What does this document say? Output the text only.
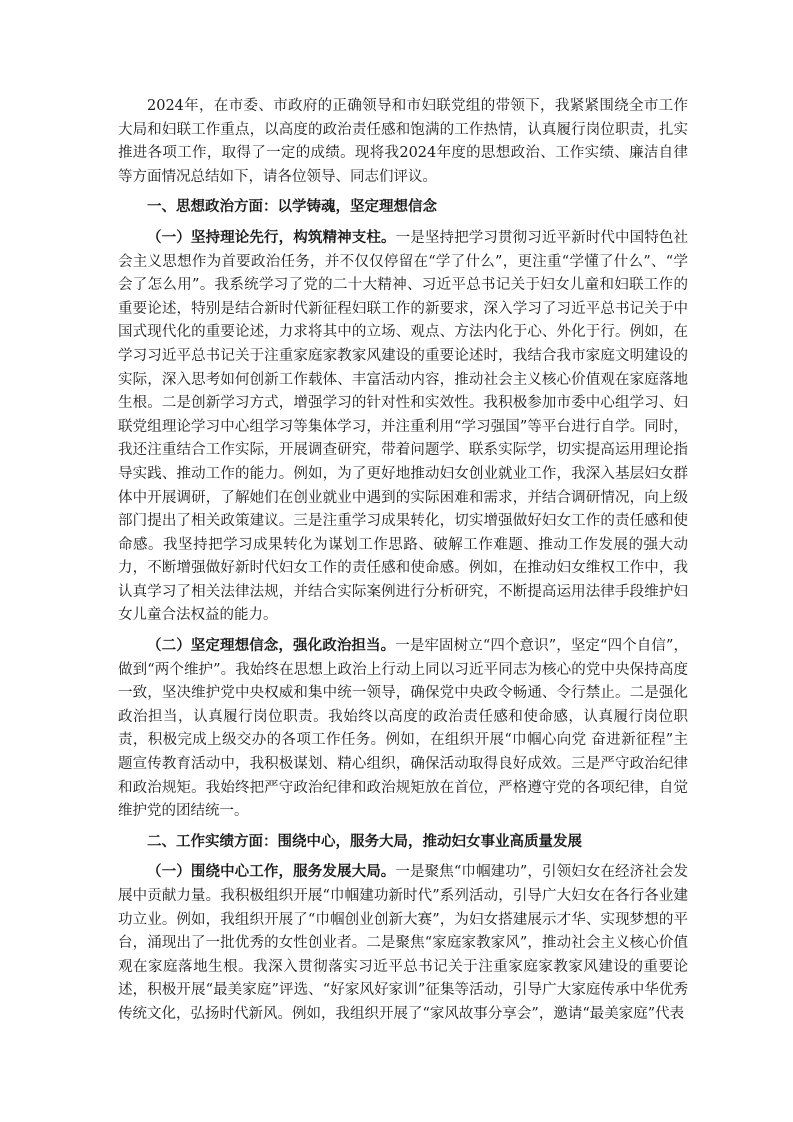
2024年，在市委、市政府的正确领导和市妇联党组的带领下，我紧紧围绕全市工作大局和妇联工作重点，以高度的政治责任感和饱满的工作热情，认真履行岗位职责，扎实推进各项工作，取得了一定的成绩。现将我2024年度的思想政治、工作实绩、廉洁自律等方面情况总结如下，请各位领导、同志们评议。

一、思想政治方面：以学铸魂，坚定理想信念

（一）坚持理论先行，构筑精神支柱。一是坚持把学习贯彻习近平新时代中国特色社会主义思想作为首要政治任务，并不仅仅停留在“学了什么”，更注重“学懂了什么”、“学会了怎么用”。我系统学习了党的二十大精神、习近平总书记关于妇女儿童和妇联工作的重要论述，特别是结合新时代新征程妇联工作的新要求，深入学习了习近平总书记关于中国式现代化的重要论述，力求将其中的立场、观点、方法内化于心、外化于行。例如，在学习习近平总书记关于注重家庭家教家风建设的重要论述时，我结合我市家庭文明建设的实际，深入思考如何创新工作载体、丰富活动内容，推动社会主义核心价值观在家庭落地生根。二是创新学习方式，增强学习的针对性和实效性。我积极参加市委中心组学习、妇联党组理论学习中心组学习等集体学习，并注重利用“学习强国”等平台进行自学。同时，我还注重结合工作实际，开展调查研究，带着问题学、联系实际学，切实提高运用理论指导实践、推动工作的能力。例如，为了更好地推动妇女创业就业工作，我深入基层妇女群体中开展调研，了解她们在创业就业中遇到的实际困难和需求，并结合调研情况，向上级部门提出了相关政策建议。三是注重学习成果转化，切实增强做好妇女工作的责任感和使命感。我坚持把学习成果转化为谋划工作思路、破解工作难题、推动工作发展的强大动力，不断增强做好新时代妇女工作的责任感和使命感。例如，在推动妇女维权工作中，我认真学习了相关法律法规，并结合实际案例进行分析研究，不断提高运用法律手段维护妇女儿童合法权益的能力。

（二）坚定理想信念，强化政治担当。一是牢固树立“四个意识”，坚定“四个自信”，做到“两个维护”。我始终在思想上政治上行动上同以习近平同志为核心的党中央保持高度一致，坚决维护党中央权威和集中统一领导，确保党中央政令畅通、令行禁止。二是强化政治担当，认真履行岗位职责。我始终以高度的政治责任感和使命感，认真履行岗位职责，积极完成上级交办的各项工作任务。例如，在组织开展“巾帼心向党 奋进新征程”主题宣传教育活动中，我积极谋划、精心组织，确保活动取得良好成效。三是严守政治纪律和政治规矩。我始终把严守政治纪律和政治规矩放在首位，严格遵守党的各项纪律，自觉维护党的团结统一。

二、工作实绩方面：围绕中心，服务大局，推动妇女事业高质量发展

（一）围绕中心工作，服务发展大局。一是聚焦“巾帼建功”，引领妇女在经济社会发展中贡献力量。我积极组织开展“巾帼建功新时代”系列活动，引导广大妇女在各行各业建功立业。例如，我组织开展了“巾帼创业创新大赛”，为妇女搭建展示才华、实现梦想的平台，涌现出了一批优秀的女性创业者。二是聚焦“家庭家教家风”，推动社会主义核心价值观在家庭落地生根。我深入贯彻落实习近平总书记关于注重家庭家教家风建设的重要论述，积极开展“最美家庭”评选、“好家风好家训”征集等活动，引导广大家庭传承中华优秀传统文化，弘扬时代新风。例如，我组织开展了“家风故事分享会”，邀请“最美家庭”代表
